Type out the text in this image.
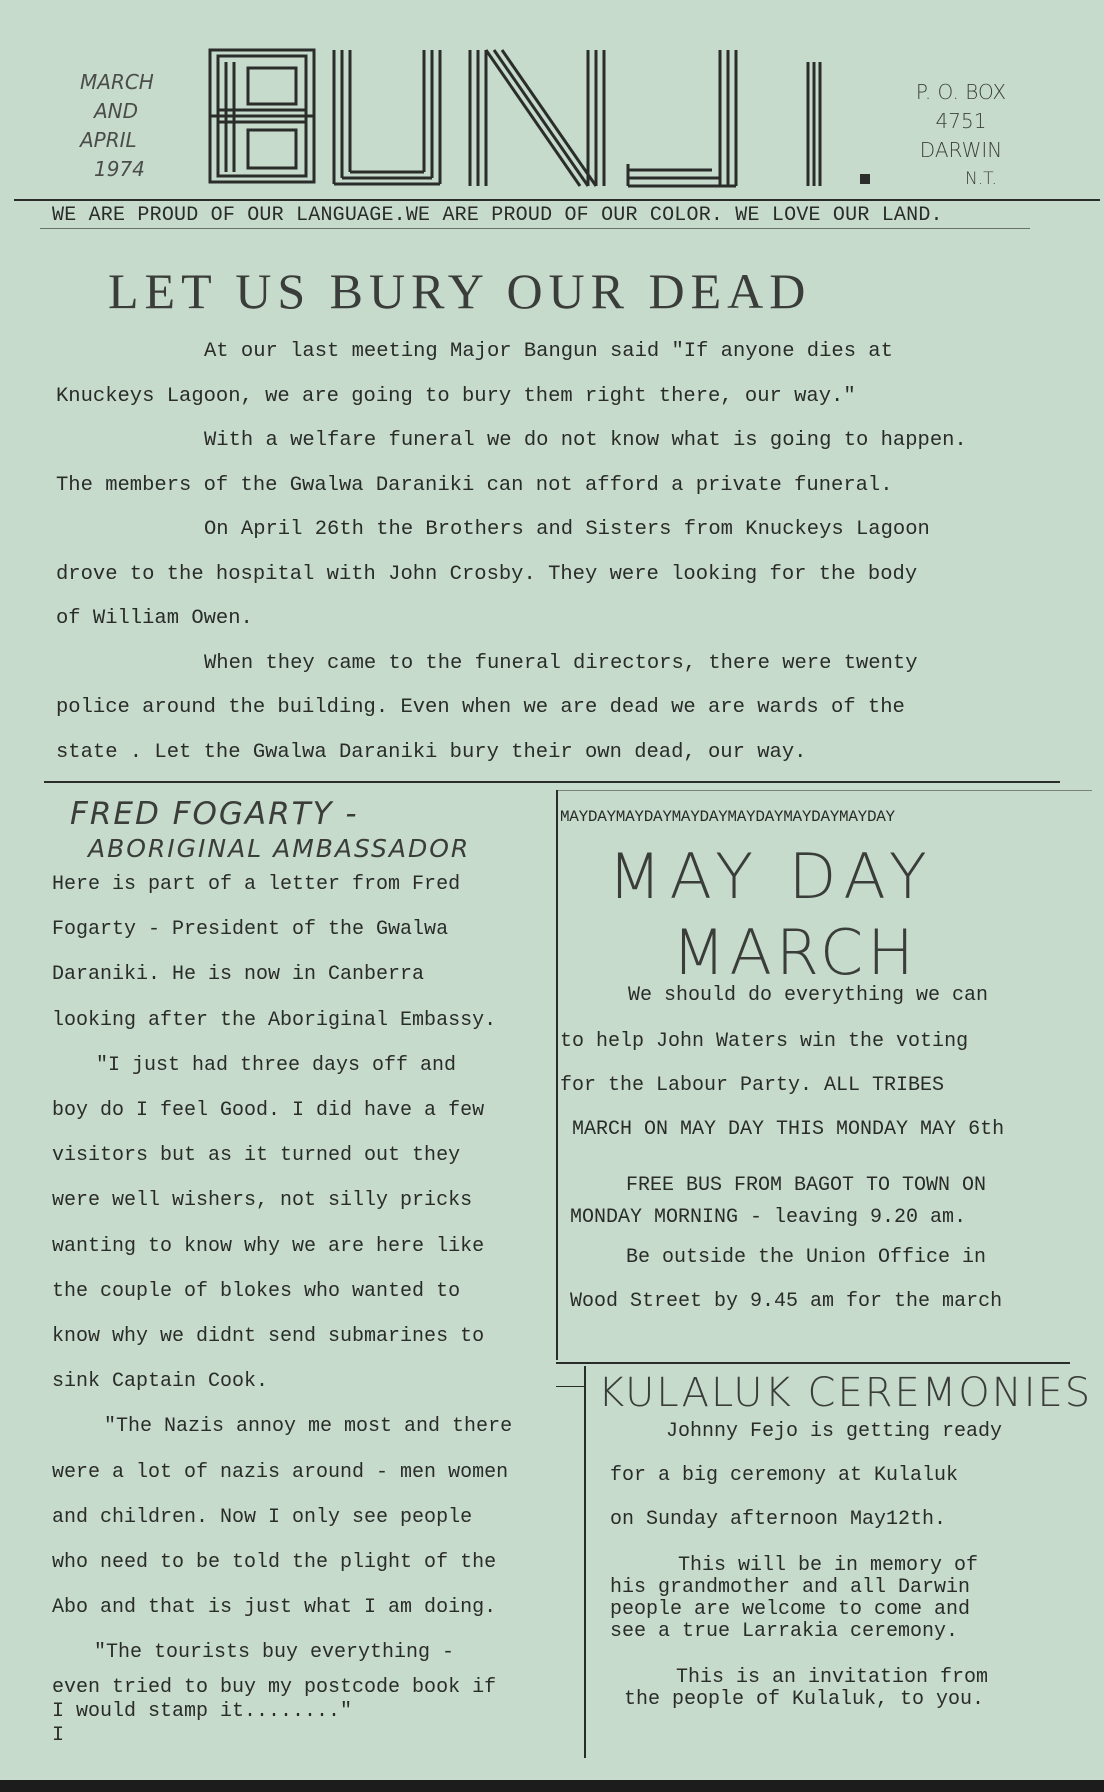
MARCH
AND
APRIL
1974
P. O. BOX
4751
DARWIN
N.T.
WE ARE PROUD OF OUR LANGUAGE.WE ARE PROUD OF OUR COLOR. WE LOVE OUR LAND.
LET US BURY OUR DEAD
At our last meeting Major Bangun said "If anyone dies at
Knuckeys Lagoon, we are going to bury them right there, our way."
With a welfare funeral we do not know what is going to happen.
The members of the Gwalwa Daraniki can not afford a private funeral.
On April 26th the Brothers and Sisters from Knuckeys Lagoon
drove to the hospital with John Crosby. They were looking for the body
of William Owen.
When they came to the funeral directors, there were twenty
police around the building. Even when we are dead we are wards of the
state . Let the Gwalwa Daraniki bury their own dead, our way.
FRED FOGARTY -
ABORIGINAL AMBASSADOR
Here is part of a letter from Fred
Fogarty - President of the Gwalwa
Daraniki. He is now in Canberra
looking after the Aboriginal Embassy.
"I just had three days off and
boy do I feel Good. I did have a few
visitors but as it turned out they
were well wishers, not silly pricks
wanting to know why we are here like
the couple of blokes who wanted to
know why we didnt send submarines to
sink Captain Cook.
"The Nazis annoy me most and there
were a lot of nazis around - men women
and children. Now I only see people
who need to be told the plight of the
Abo and that is just what I am doing.
"The tourists buy everything -
even tried to buy my postcode book if
I would stamp it........"
I
MAYDAYMAYDAYMAYDAYMAYDAYMAYDAYMAYDAY
MAY DAY
MARCH
We should do everything we can
to help John Waters win the voting
for the Labour Party. ALL TRIBES
MARCH ON MAY DAY THIS MONDAY MAY 6th
FREE BUS FROM BAGOT TO TOWN ON
MONDAY MORNING - leaving 9.20 am.
Be outside the Union Office in
Wood Street by 9.45 am for the march
KULALUK CEREMONIES
Johnny Fejo is getting ready
for a big ceremony at Kulaluk
on Sunday afternoon May12th.
This will be in memory of
his grandmother and all Darwin
people are welcome to come and
see a true Larrakia ceremony.
This is an invitation from
the people of Kulaluk, to you.
